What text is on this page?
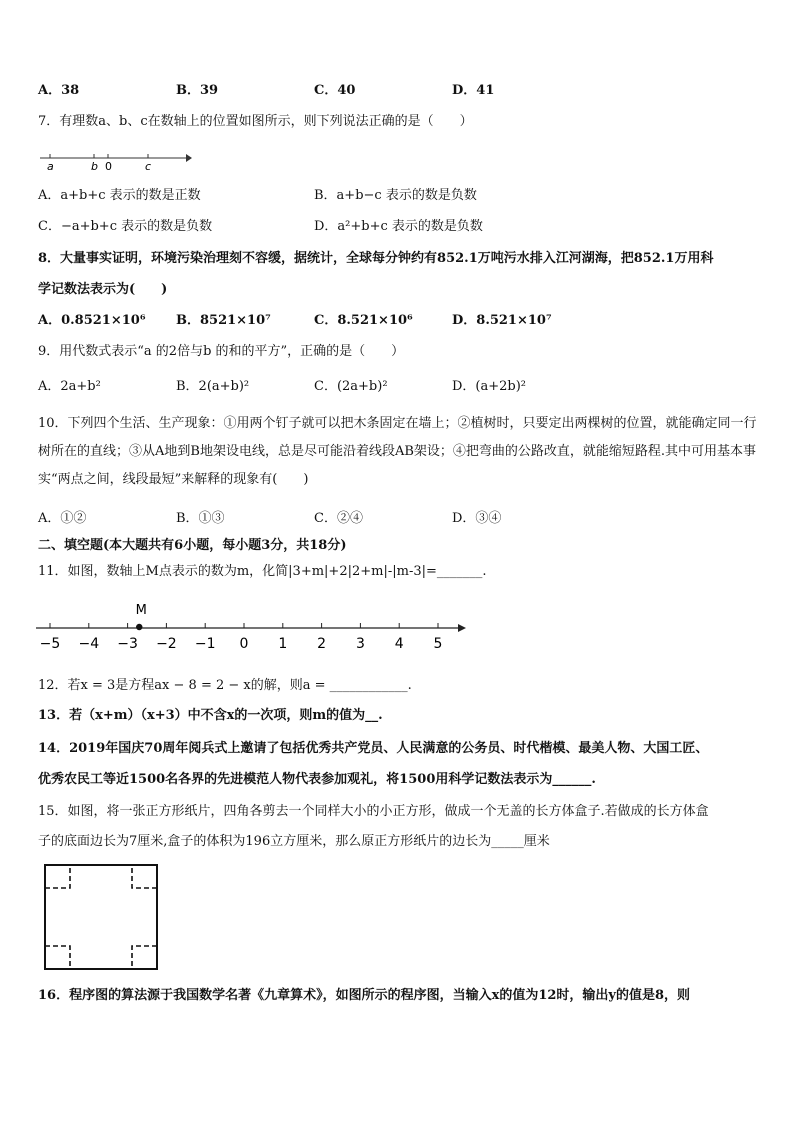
A．38	B．39	C．40	D．41
7．有理数a、b、c在数轴上的位置如图所示，则下列说法正确的是（　　）
a	b 0	c
A．a+b+c 表示的数是正数	B．a+b−c 表示的数是负数
C．−a+b+c 表示的数是负数	D．a²+b+c 表示的数是负数
8．大量事实证明，环境污染治理刻不容缓，据统计，全球每分钟约有852.1万吨污水排入江河湖海，把852.1万用科
学记数法表示为(　　)
A．0.8521×10⁶ B．8521×10⁷	C．8.521×10⁶	D．8.521×10⁷
9．用代数式表示“a 的2倍与b 的和的平方”，正确的是（　　）
A．2a+b²	B．2(a+b)²	C．(2a+b)²	D．(a+2b)²
10．下列四个生活、生产现象：①用两个钉子就可以把木条固定在墙上；②植树时，只要定出两棵树的位置，就能确定同一行树所在的直线；③从A地到B地架设电线，总是尽可能沿着线段AB架设；④把弯曲的公路改直，就能缩短路程.其中可用基本事实“两点之间，线段最短”来解释的现象有(　　)
A．①②	B．①③	C．②④	D．③④
二、填空题(本大题共有6小题，每小题3分，共18分)
11．如图，数轴上M点表示的数为m，化简|3+m|+2|2+m|-|m-3|=_______.
−5 −4 −3 −2 −1 0 1 2 3 4 5
M
12．若x = 3是方程ax − 8 = 2 − x的解，则a = ____________.
13．若（x+m）（x+3）中不含x的一次项，则m的值为__.
14．2019年国庆70周年阅兵式上邀请了包括优秀共产党员、人民满意的公务员、时代楷模、最美人物、大国工匠、
优秀农民工等近1500名各界的先进模范人物代表参加观礼，将1500用科学记数法表示为______.
15．如图，将一张正方形纸片，四角各剪去一个同样大小的小正方形，做成一个无盖的长方体盒子.若做成的长方体盒
子的底面边长为7厘米,盒子的体积为196立方厘米，那么原正方形纸片的边长为_____厘米
16．程序图的算法源于我国数学名著《九章算术》，如图所示的程序图，当输入x的值为12时，输出y的值是8，则
